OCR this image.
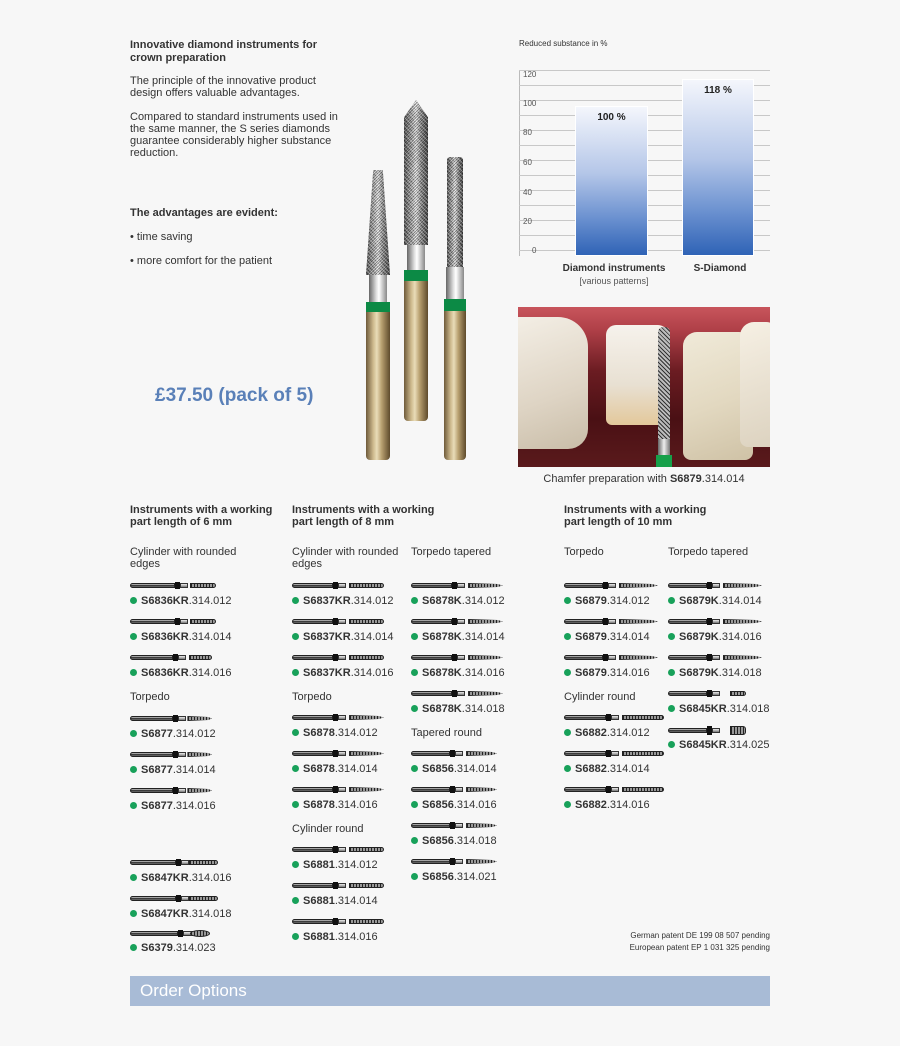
Innovative diamond instruments for crown preparation
The principle of the innovative product design offers valuable advantages.
Compared to standard instruments used in the same manner, the S series diamonds guarantee considerably higher substance reduction.
The advantages are evident:
• time saving
• more comfort for the patient
£37.50 (pack of 5)
Reduced substance in %
120
100
80
60
40
20
0
100 %
118 %
Diamond instruments
[various patterns]
S-Diamond
Chamfer preparation with S6879.314.014
Instruments with a working part length of 6 mm
Cylinder with rounded edges
S6836KR.314.012
S6836KR.314.014
S6836KR.314.016
Torpedo
S6877.314.012
S6877.314.014
S6877.314.016
S6847KR.314.016
S6847KR.314.018
S6379.314.023
Instruments with a working part length of 8 mm
Cylinder with rounded edges
S6837KR.314.012
S6837KR.314.014
S6837KR.314.016
Torpedo
S6878.314.012
S6878.314.014
S6878.314.016
Cylinder round
S6881.314.012
S6881.314.014
S6881.314.016
Torpedo tapered
S6878K.314.012
S6878K.314.014
S6878K.314.016
S6878K.314.018
Tapered round
S6856.314.014
S6856.314.016
S6856.314.018
S6856.314.021
Instruments with a working part length of 10 mm
Torpedo
S6879.314.012
S6879.314.014
S6879.314.016
Cylinder round
S6882.314.012
S6882.314.014
S6882.314.016
Torpedo tapered
S6879K.314.014
S6879K.314.016
S6879K.314.018
S6845KR.314.018
S6845KR.314.025
German patent DE 199 08 507 pending
European patent EP 1 031 325 pending
Order Options
